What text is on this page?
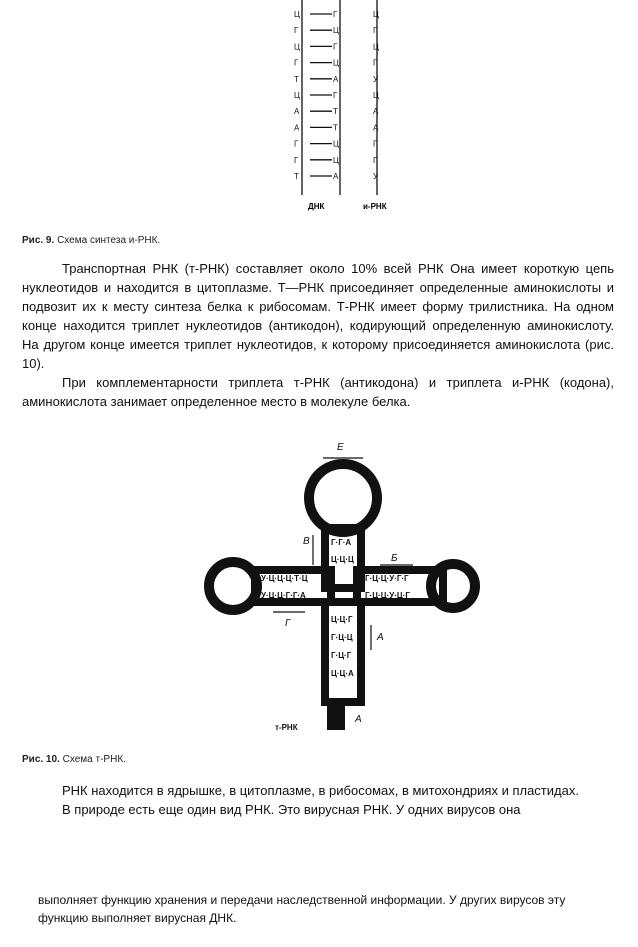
Ц	Г	Ц
Г	Ц	Г
Ц	Г	Ц
Г	Ц	Г
Т	А	У
Ц	Г	Ц
А	Т	А
А	Т	А
Г	Ц	Г
Г	Ц	Г
Т	А	У
ДНК	и-РНК
Рис. 9. Схема синтеза и-РНК.

Транспортная РНК (т-РНК) составляет около 10% всей РНК Она имеет короткую цепь нуклеотидов и находится в цитоплазме. Т—РНК присоединяет определенные аминокислоты и подвозит их к месту синтеза белка к рибосомам. Т-РНК имеет форму трилистника. На одном конце находится триплет нуклеотидов (антикодон), кодирующий определенную аминокислоту. На другом конце имеется триплет нуклеотидов, к которому присоединяется аминокислота (рис. 10).

При комплементарности триплета т-РНК (антикодона) и триплета и-РНК (кодона), аминокислота занимает определенное место в молекуле белка.

Г·Г·А
Ц·Ц·Ц
У·Ц·Ц·Ц·Т·Ц
У·Ц·Ц·Г·Г·А
Г·Ц·Ц·У·Г·Г
Г·Ц·Ц·У·Ц·Г
Ц·Ц·Г
Г·Ц·Ц
Г·Ц·Г
Ц·Ц·А
Е
В
Б
Г
А
А
т-РНК
Рис. 10. Схема т-РНК.

РНК находится в ядрышке, в цитоплазме, в рибосомах, в митохондриях и пластидах.

В природе есть еще один вид РНК. Это вирусная РНК. У одних вирусов она

выполняет функцию хранения и передачи наследственной информации. У других вирусов эту функцию выполняет вирусная ДНК.
